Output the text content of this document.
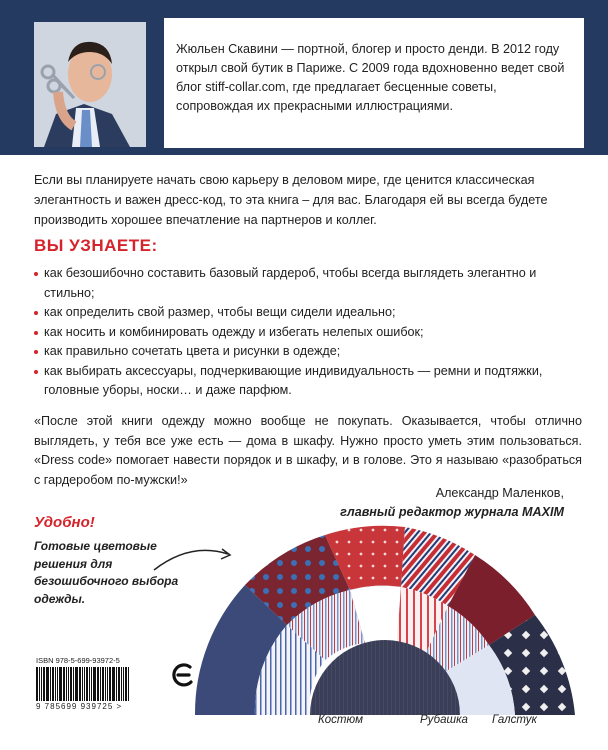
Жюльен Скавини — портной, блогер и просто денди. В 2012 году открыл свой бутик в Париже. С 2009 года вдохновенно ведет свой блог stiff-collar.com, где предлагает бесценные советы, сопровождая их прекрасными иллюстрациями.
Если вы планируете начать свою карьеру в деловом мире, где ценится классическая элегантность и важен дресс-код, то эта книга – для вас. Благодаря ей вы всегда будете производить хорошее впечатление на партнеров и коллег.
ВЫ УЗНАЕТЕ:
как безошибочно составить базовый гардероб, чтобы всегда выглядеть элегантно и стильно;
как определить свой размер, чтобы вещи сидели идеально;
как носить и комбинировать одежду и избегать нелепых ошибок;
как правильно сочетать цвета и рисунки в одежде;
как выбирать аксессуары, подчеркивающие индивидуальность — ремни и подтяжки, головные уборы, носки… и даже парфюм.
«После этой книги одежду можно вообще не покупать. Оказывается, чтобы отлично выглядеть, у тебя все уже есть — дома в шкафу. Нужно просто уметь этим пользоваться. «Dress code» помогает навести порядок и в шкафу, и в голове. Это я называю «разобраться с гардеробом по-мужски!»
Александр Маленков,
главный редактор журнала MAXIM
Удобно!
Готовые цветовые решения для безошибочного выбора одежды.
ISBN 978-5-699-93972-5
9 785699 939725 >
Костюм	Рубашка Галстук
